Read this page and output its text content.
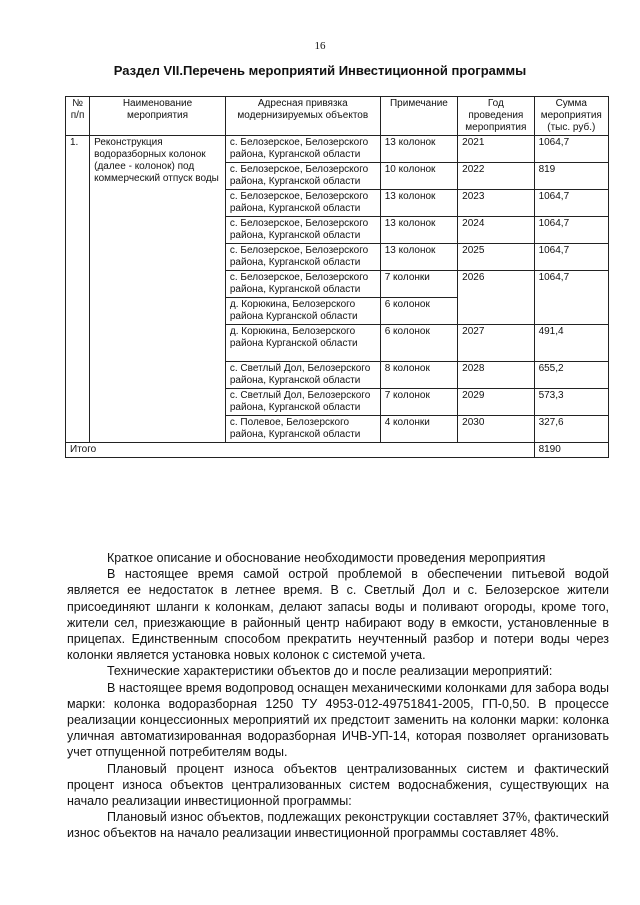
16
Раздел VII.Перечень мероприятий Инвестиционной программы
№ п/п	Наименование мероприятия	Адресная привязка модернизируемых объектов	Примечание	Год проведения мероприятия	Сумма мероприятия (тыс. руб.)
1.	Реконструкция водоразборных колонок (далее - колонок) под коммерческий отпуск воды	с. Белозерское, Белозерского района, Курганской области	13 колонок	2021	1064,7
		с. Белозерское, Белозерского района, Курганской области	10 колонок	2022	819
		с. Белозерское, Белозерского района, Курганской области	13 колонок	2023	1064,7
		с. Белозерское, Белозерского района, Курганской области	13 колонок	2024	1064,7
		с. Белозерское, Белозерского района, Курганской области	13 колонок	2025	1064,7
		с. Белозерское, Белозерского района, Курганской области	7 колонки	2026	1064,7
		д. Корюкина, Белозерского района Курганской области	6 колонок		
		д. Корюкина, Белозерского района Курганской области	6 колонок	2027	491,4
		с. Светлый Дол, Белозерского района, Курганской области	8 колонок	2028	655,2
		с. Светлый Дол, Белозерского района, Курганской области	7 колонок	2029	573,3
		с. Полевое, Белозерского района, Курганской области	4 колонки	2030	327,6
Итого					8190

Краткое описание и обоснование необходимости проведения мероприятия

В настоящее время самой острой проблемой в обеспечении питьевой водой является ее недостаток в летнее время. В с. Светлый Дол и с. Белозерское жители присоединяют шланги к колонкам, делают запасы воды и поливают огороды, кроме того, жители сел, приезжающие в районный центр набирают воду в емкости, установленные в прицепах. Единственным способом прекратить неучтенный разбор и потери воды через колонки является установка новых колонок с системой учета.

Технические характеристики объектов до и после реализации мероприятий:

В настоящее время водопровод оснащен механическими колонками для забора воды марки: колонка водоразборная 1250 ТУ 4953-012-49751841-2005, ГП-0,50. В процессе реализации концессионных мероприятий их предстоит заменить на колонки марки: колонка уличная автоматизированная водоразборная ИЧВ-УП-14, которая позволяет организовать учет отпущенной потребителям воды.

Плановый процент износа объектов централизованных систем и фактический процент износа объектов централизованных систем водоснабжения, существующих на начало реализации инвестиционной программы:

Плановый износ объектов, подлежащих реконструкции составляет 37%, фактический износ объектов на начало реализации инвестиционной программы составляет 48%.
